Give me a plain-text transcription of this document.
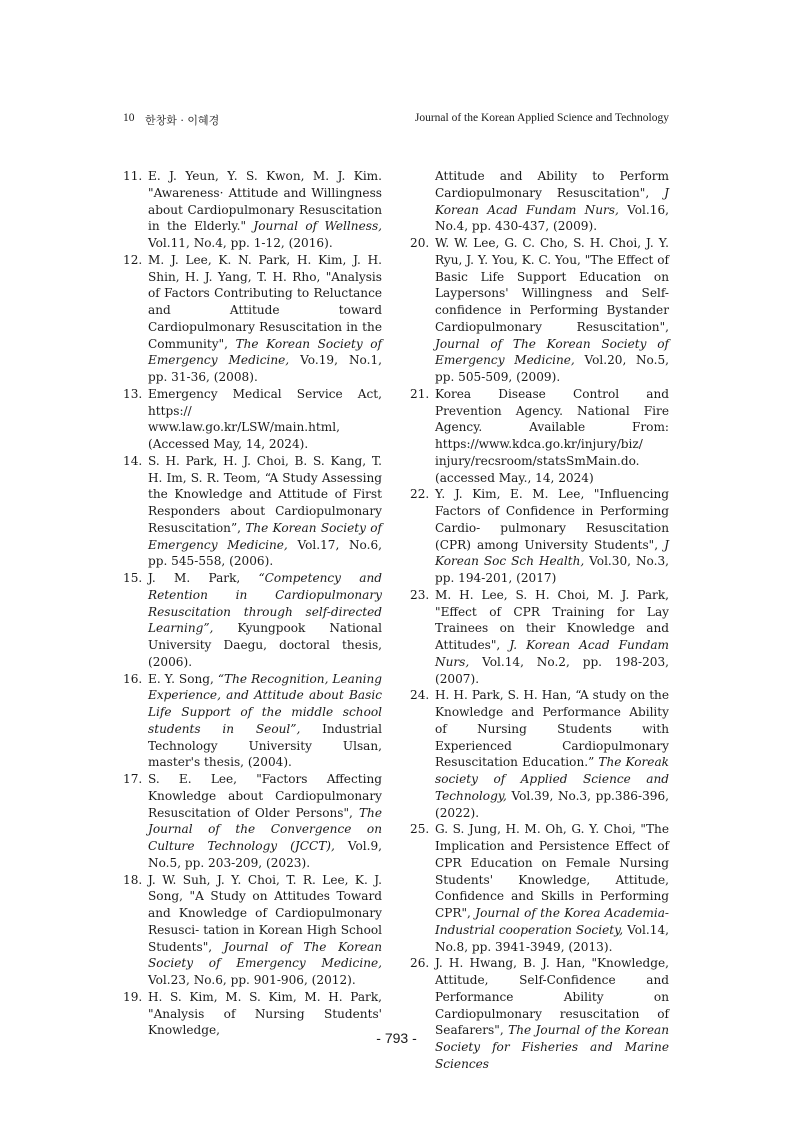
10 한창화 · 이혜경	Journal of the Korean Applied Science and Technology

11. E. J. Yeun, Y. S. Kwon, M. J. Kim. "Awareness· Attitude and Willingness about Cardiopulmonary Resuscitation in the Elderly." Journal of Wellness, Vol.11, No.4, pp. 1-12, (2016).

12. M. J. Lee, K. N. Park, H. Kim, J. H. Shin, H. J. Yang, T. H. Rho, "Analysis of Factors Contributing to Reluctance and Attitude toward Cardiopulmonary Resuscitation in the Community", The Korean Society of Emergency Medicine, Vo.19, No.1, pp. 31-36, (2008).

13. Emergency Medical Service Act, https:// www.law.go.kr/LSW/main.html, (Accessed May, 14, 2024).

14. S. H. Park, H. J. Choi, B. S. Kang, T. H. Im, S. R. Teom, “A Study Assessing the Knowledge and Attitude of First Responders about Cardiopulmonary Resuscitation”, The Korean Society of Emergency Medicine, Vol.17, No.6, pp. 545-558, (2006).

15. J. M. Park, “Competency and Retention in Cardiopulmonary Resuscitation through self-directed Learning”, Kyungpook National University Daegu, doctoral thesis, (2006).

16. E. Y. Song, “The Recognition, Leaning Experience, and Attitude about Basic Life Support of the middle school students in Seoul”, Industrial Technology University Ulsan, master's thesis, (2004).

17. S. E. Lee, "Factors Affecting Knowledge about Cardiopulmonary Resuscitation of Older Persons", The Journal of the Convergence on Culture Technology (JCCT), Vol.9, No.5, pp. 203-209, (2023).

18. J. W. Suh, J. Y. Choi, T. R. Lee, K. J. Song, "A Study on Attitudes Toward and Knowledge of Cardiopulmonary Resusci- tation in Korean High School Students", Journal of The Korean Society of Emergency Medicine, Vol.23, No.6, pp. 901-906, (2012).

19. H. S. Kim, M. S. Kim, M. H. Park, "Analysis of Nursing Students' Knowledge,

Attitude and Ability to Perform Cardiopulmonary Resuscitation", J Korean Acad Fundam Nurs, Vol.16, No.4, pp. 430-437, (2009).

20. W. W. Lee, G. C. Cho, S. H. Choi, J. Y. Ryu, J. Y. You, K. C. You, "The Effect of Basic Life Support Education on Laypersons' Willingness and Self-confidence in Performing Bystander Cardiopulmonary Resuscitation", Journal of The Korean Society of Emergency Medicine, Vol.20, No.5, pp. 505-509, (2009).

21. Korea Disease Control and Prevention Agency. National Fire Agency. Available From: https://www.kdca.go.kr/injury/biz/ injury/recsroom/statsSmMain.do. (accessed May., 14, 2024)

22. Y. J. Kim, E. M. Lee, "Influencing Factors of Confidence in Performing Cardio- pulmonary Resuscitation (CPR) among University Students", J Korean Soc Sch Health, Vol.30, No.3, pp. 194-201, (2017)

23. M. H. Lee, S. H. Choi, M. J. Park, "Effect of CPR Training for Lay Trainees on their Knowledge and Attitudes", J. Korean Acad Fundam Nurs, Vol.14, No.2, pp. 198-203, (2007).

24. H. H. Park, S. H. Han, “A study on the Knowledge and Performance Ability of Nursing Students with Experienced Cardiopulmonary Resuscitation Education.” The Koreak society of Applied Science and Technology, Vol.39, No.3, pp.386-396, (2022).

25. G. S. Jung, H. M. Oh, G. Y. Choi, "The Implication and Persistence Effect of CPR Education on Female Nursing Students' Knowledge, Attitude, Confidence and Skills in Performing CPR", Journal of the Korea Academia-Industrial cooperation Society, Vol.14, No.8, pp. 3941-3949, (2013).

26. J. H. Hwang, B. J. Han, "Knowledge, Attitude, Self-Confidence and Performance Ability on Cardiopulmonary resuscitation of Seafarers", The Journal of the Korean Society for Fisheries and Marine Sciences

- 793 -
